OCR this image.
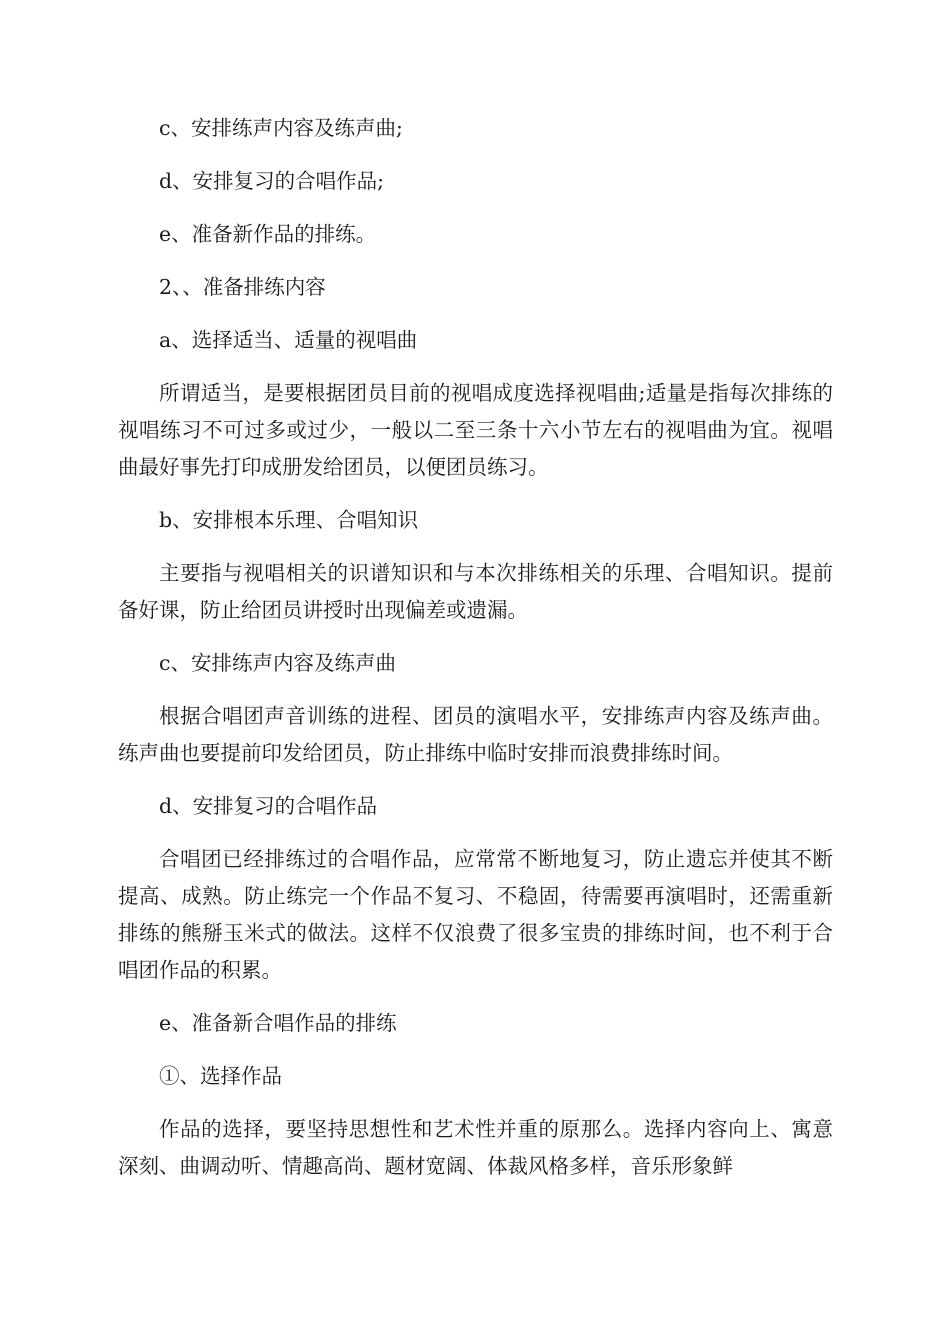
c、安排练声内容及练声曲;

d、安排复习的合唱作品;

e、准备新作品的排练。

2、、准备排练内容

a、选择适当、适量的视唱曲

所谓适当，是要根据团员目前的视唱成度选择视唱曲;适量是指每次排练的视唱练习不可过多或过少，一般以二至三条十六小节左右的视唱曲为宜。视唱曲最好事先打印成册发给团员，以便团员练习。

b、安排根本乐理、合唱知识

主要指与视唱相关的识谱知识和与本次排练相关的乐理、合唱知识。提前备好课，防止给团员讲授时出现偏差或遗漏。

c、安排练声内容及练声曲

根据合唱团声音训练的进程、团员的演唱水平，安排练声内容及练声曲。练声曲也要提前印发给团员，防止排练中临时安排而浪费排练时间。

d、安排复习的合唱作品

合唱团已经排练过的合唱作品，应常常不断地复习，防止遗忘并使其不断提高、成熟。防止练完一个作品不复习、不稳固，待需要再演唱时，还需重新排练的熊掰玉米式的做法。这样不仅浪费了很多宝贵的排练时间，也不利于合唱团作品的积累。

e、准备新合唱作品的排练

①、选择作品

作品的选择，要坚持思想性和艺术性并重的原那么。选择内容向上、寓意深刻、曲调动听、情趣高尚、题材宽阔、体裁风格多样，音乐形象鲜
